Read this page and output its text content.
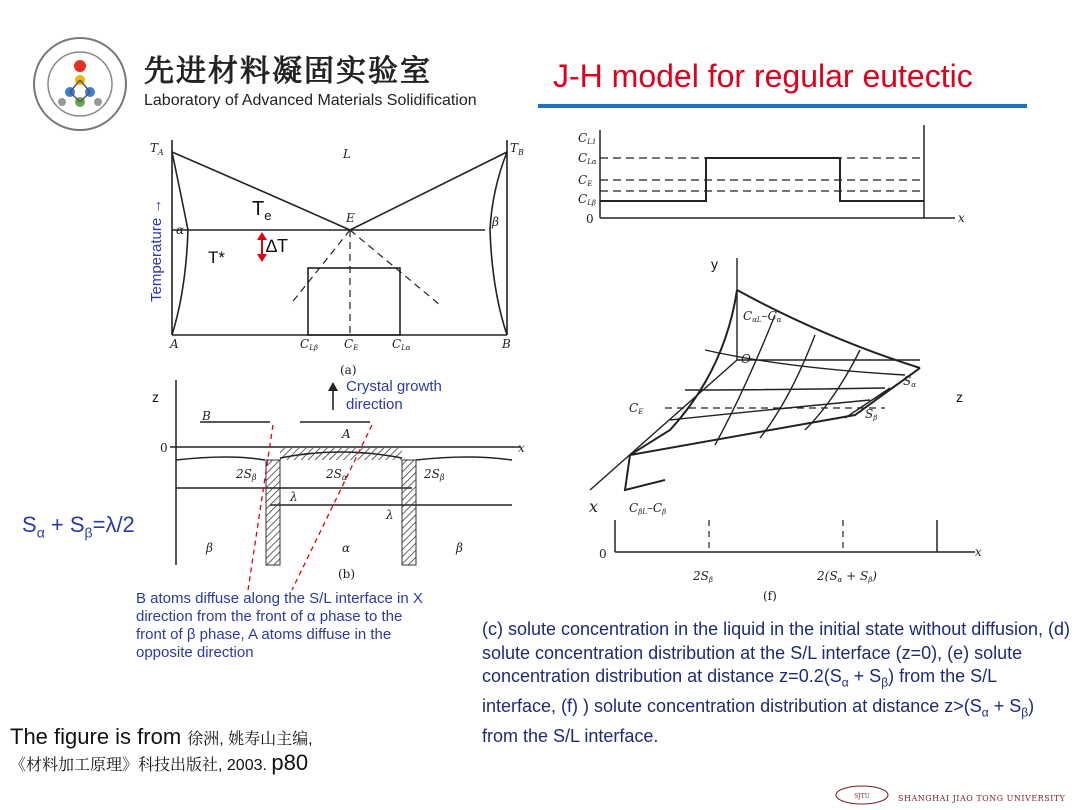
先进材料凝固实验室
Laboratory of Advanced Materials Solidification
J-H model for regular eutectic
$T_A$	$T_B$
L
E
α
β
A	B
CLβ CE	CLα
(a)
B
A
x
0
2Sβ	2Sα	2Sβ
λ
λ
β	α	β
(b)
CL1
CLα
CE
CLβ
0	x
CαL–Cα
O
CE
Sα
Sβ
x	CβL–Cβ
0	x
2Sβ	2(Sα + Sβ)
(f)
Temperature →	$T_e$
T*
∆T
y
z	z
Crystal growth
direction
$S_\alpha + S_\beta=\lambda/2$
B atoms diffuse along the S/L interface in X direction from the front of α phase to the front of β phase, A atoms diffuse in the opposite direction
The figure is from 徐洲, 姚寿山主编,
《材料加工原理》科技出版社, 2003. p80
(c) solute concentration in the liquid in the initial state without diffusion, (d) solute concentration distribution at the S/L interface (z=0), (e) solute concentration distribution at distance $z=0.2(S_\alpha + S_\beta)$ from the S/L interface, (f) ) solute concentration distribution at distance $z>(S_\alpha + S_\beta)$ from the S/L interface.
SJTU	SHANGHAI JIAO TONG UNIVERSITY
